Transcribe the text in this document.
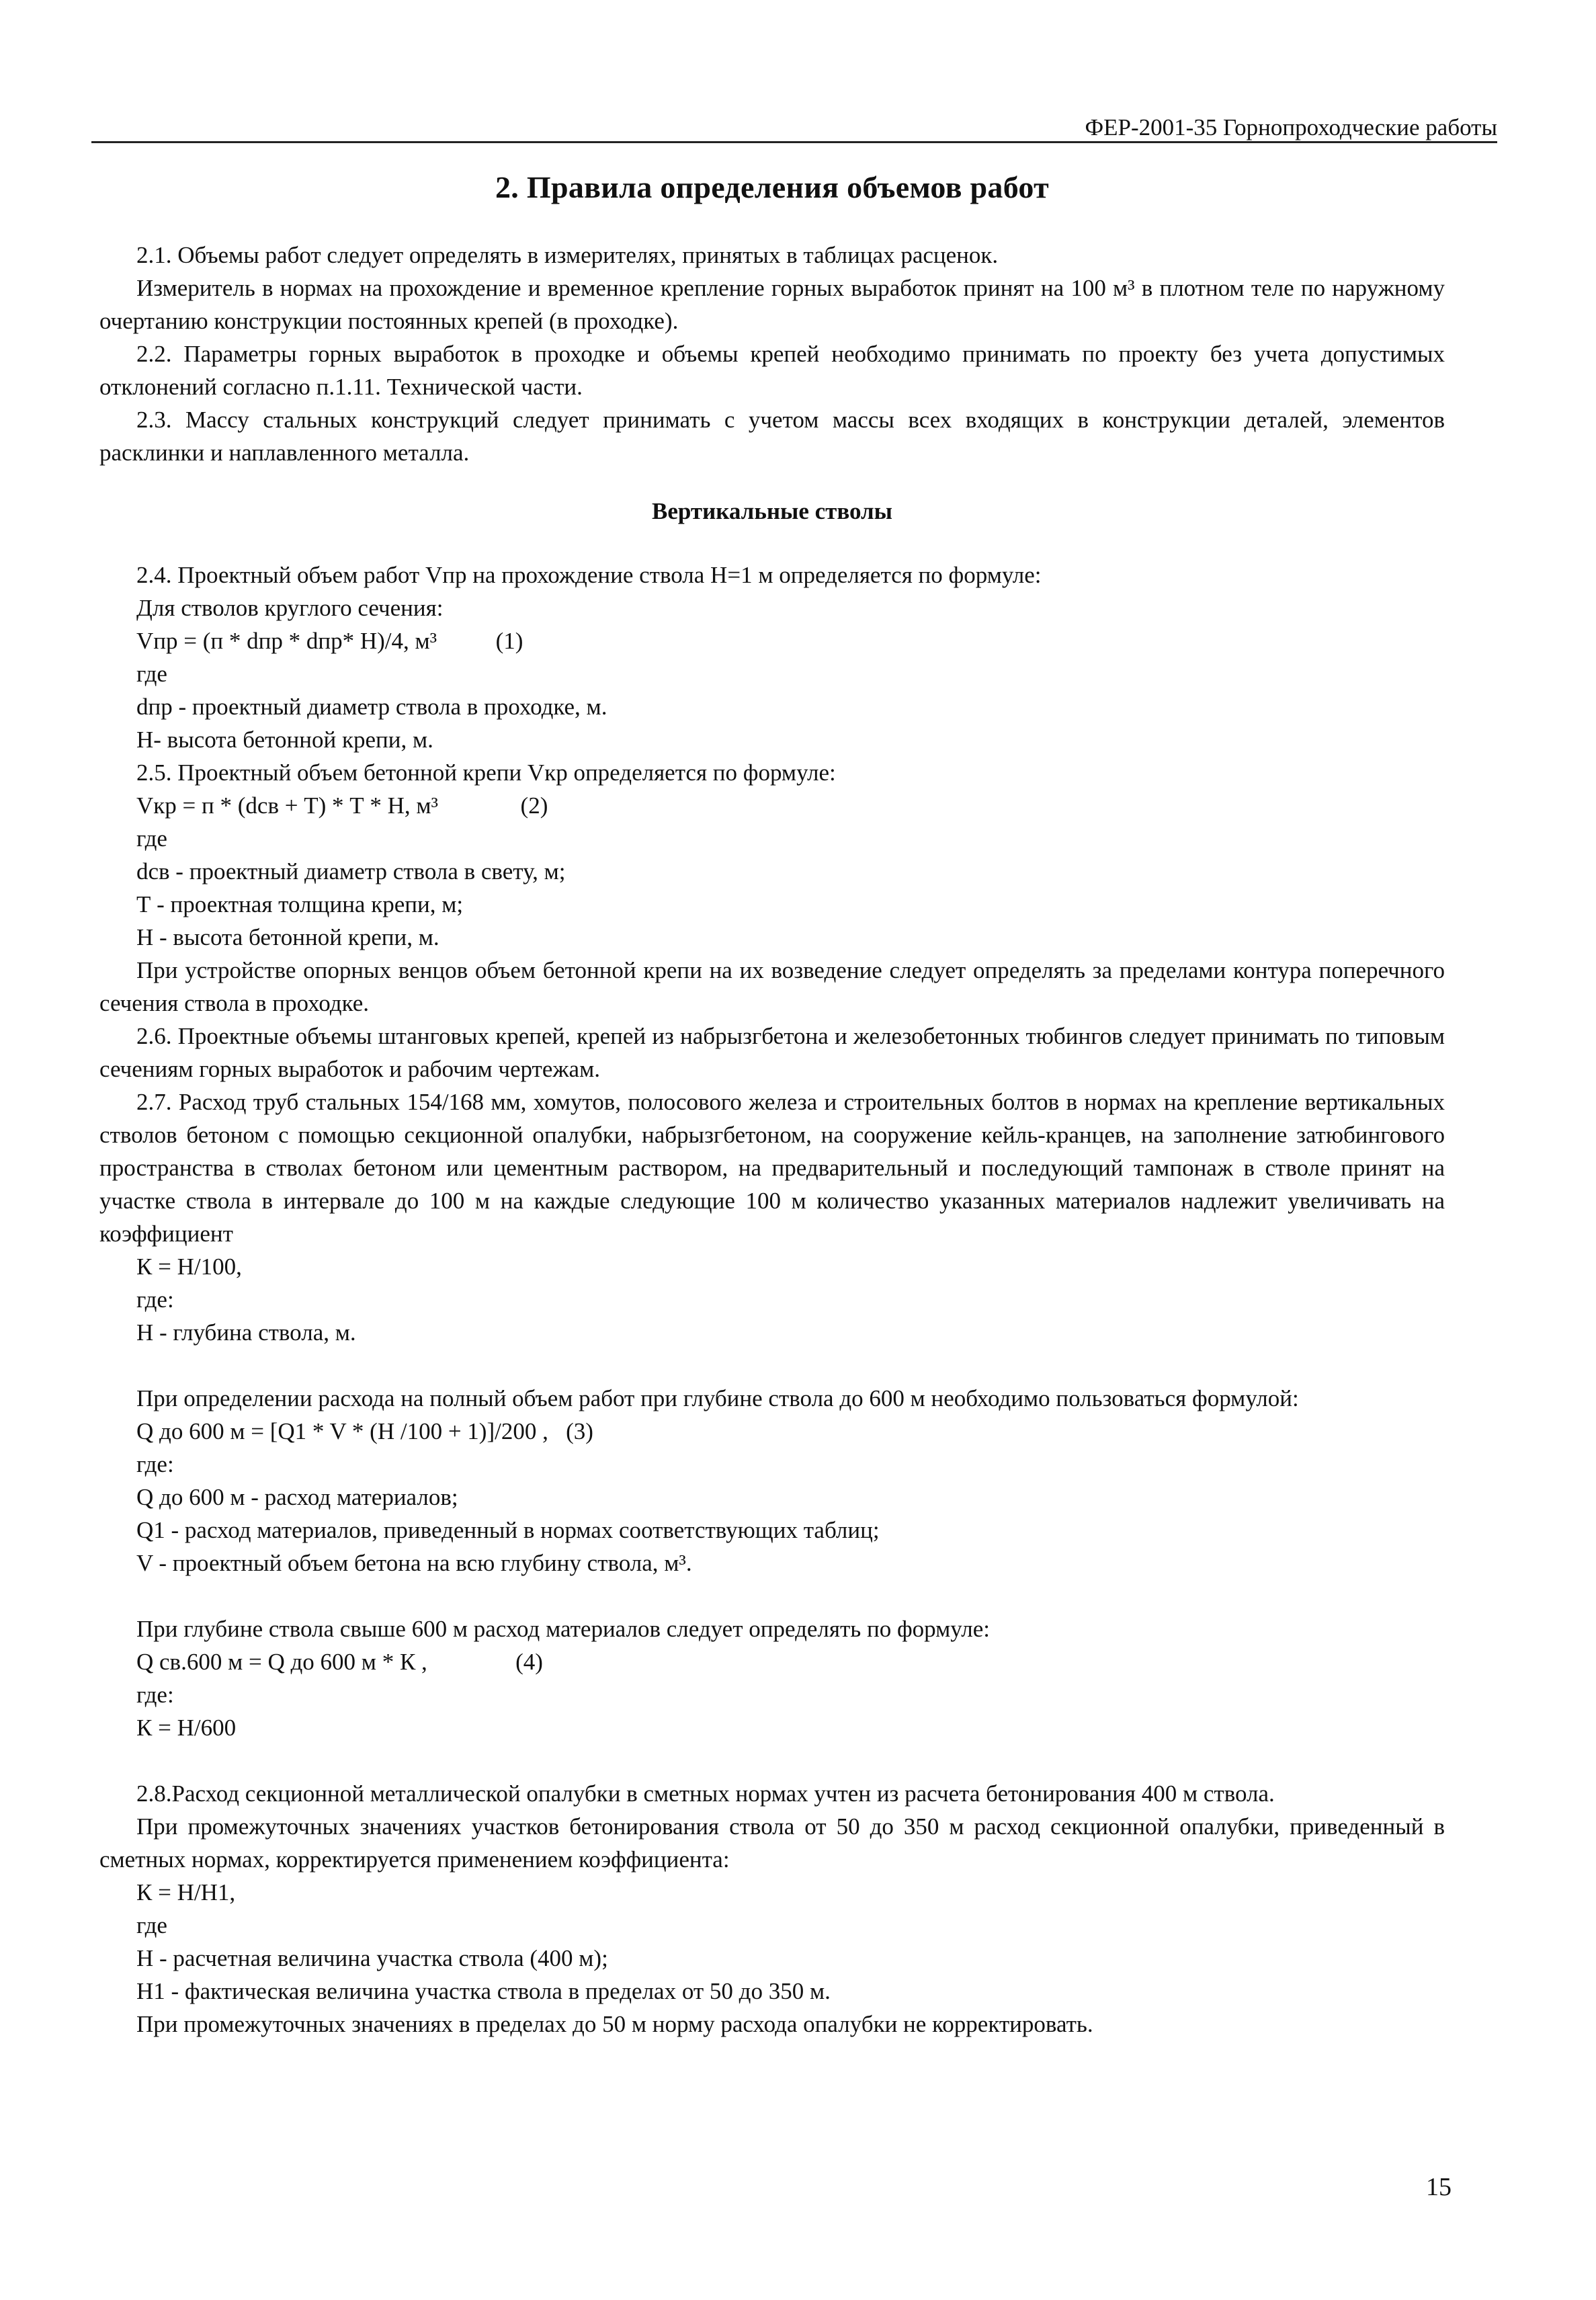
ФЕР-2001-35 Горнопроходческие работы
2. Правила определения объемов работ

2.1. Объемы работ следует определять в измерителях, принятых в таблицах расценок.

Измеритель в нормах на прохождение и временное крепление горных выработок принят на 100 м³ в плотном теле по наружному очертанию конструкции постоянных крепей (в проходке).

2.2. Параметры горных выработок в проходке и объемы крепей необходимо принимать по проекту без учета допустимых отклонений согласно п.1.11. Технической части.

2.3. Массу стальных конструкций следует принимать с учетом массы всех входящих в конструкции деталей, элементов расклинки и наплавленного металла.

Вертикальные стволы

2.4. Проектный объем работ Vпр на прохождение ствола Н=1 м определяется по формуле:

Для стволов круглого сечения:

Vпр = (п * dпр * dпр* Н)/4, м³	(1)

где

dпр - проектный диаметр ствола в проходке, м.

Н- высота бетонной крепи, м.

2.5. Проектный объем бетонной крепи Vкр определяется по формуле:

Vкр = п * (dсв + Т) * Т * Н, м³	(2)

где

dсв - проектный диаметр ствола в свету, м;

Т - проектная толщина крепи, м;

Н - высота бетонной крепи, м.

При устройстве опорных венцов объем бетонной крепи на их возведение следует определять за пределами контура поперечного сечения ствола в проходке.

2.6. Проектные объемы штанговых крепей, крепей из набрызгбетона и железобетонных тюбингов следует принимать по типовым сечениям горных выработок и рабочим чертежам.

2.7. Расход труб стальных 154/168 мм, хомутов, полосового железа и строительных болтов в нормах на крепление вертикальных стволов бетоном с помощью секционной опалубки, набрызгбетоном, на сооружение кейль-кранцев, на заполнение затюбингового пространства в стволах бетоном или цементным раствором, на предварительный и последующий тампонаж в стволе принят на участке ствола в интервале до 100 м на каждые следующие 100 м количество указанных материалов надлежит увеличивать на коэффициент

К = Н/100,

где:

Н - глубина ствола, м.

При определении расхода на полный объем работ при глубине ствола до 600 м необходимо пользоваться формулой:

Q до 600 м = [Q1 * V * (Н /100 + 1)]/200 , (3)

где:

Q до 600 м - расход материалов;

Q1 - расход материалов, приведенный в нормах соответствующих таблиц;

V - проектный объем бетона на всю глубину ствола, м³.

При глубине ствола свыше 600 м расход материалов следует определять по формуле:

Q св.600 м = Q до 600 м * К ,	(4)

где:

К = Н/600

2.8.Расход секционной металлической опалубки в сметных нормах учтен из расчета бетонирования 400 м ствола.

При промежуточных значениях участков бетонирования ствола от 50 до 350 м расход секционной опалубки, приведенный в сметных нормах, корректируется применением коэффициента:

К = Н/Н1,

где

Н - расчетная величина участка ствола (400 м);

Н1 - фактическая величина участка ствола в пределах от 50 до 350 м.

При промежуточных значениях в пределах до 50 м норму расхода опалубки не корректировать.

15
